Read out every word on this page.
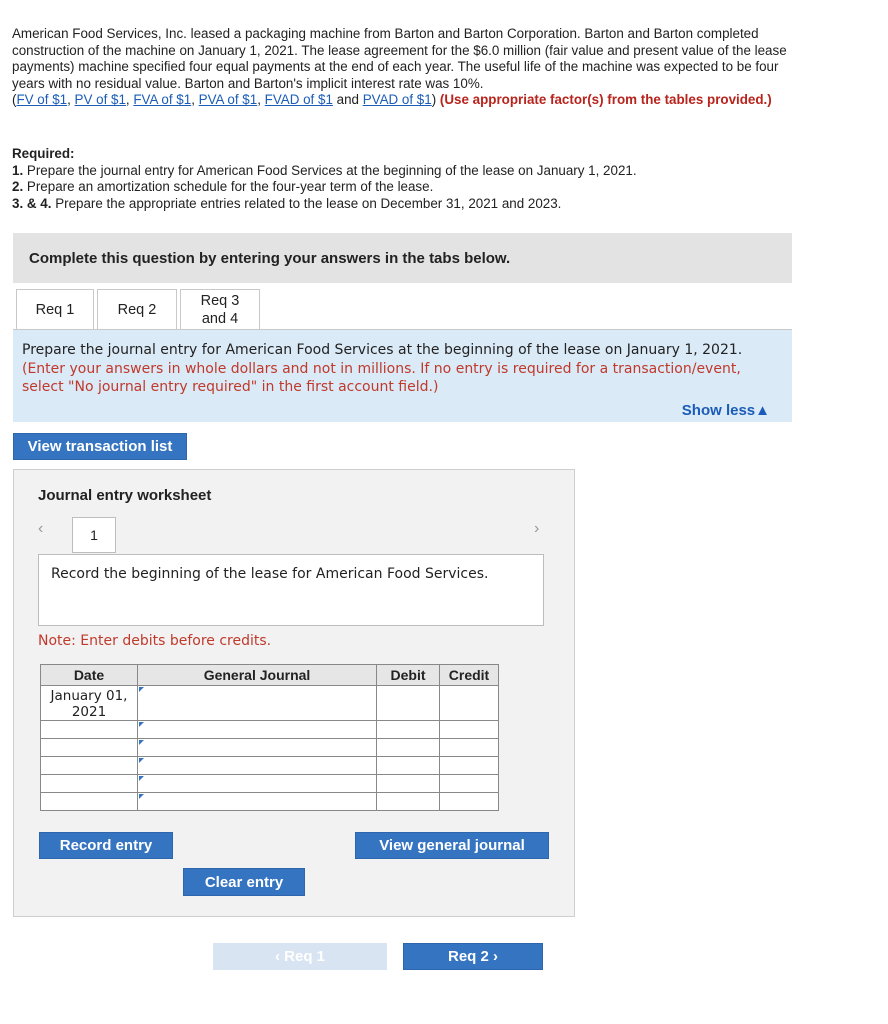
American Food Services, Inc. leased a packaging machine from Barton and Barton Corporation. Barton and Barton completed construction of the machine on January 1, 2021. The lease agreement for the $6.0 million (fair value and present value of the lease payments) machine specified four equal payments at the end of each year. The useful life of the machine was expected to be four years with no residual value. Barton and Barton's implicit interest rate was 10%.
(FV of $1, PV of $1, FVA of $1, PVA of $1, FVAD of $1 and PVAD of $1) (Use appropriate factor(s) from the tables provided.)
Required:
1. Prepare the journal entry for American Food Services at the beginning of the lease on January 1, 2021.
2. Prepare an amortization schedule for the four-year term of the lease.
3. & 4. Prepare the appropriate entries related to the lease on December 31, 2021 and 2023.
Complete this question by entering your answers in the tabs below.
Req 1	Req 2
Req 3 and 4
Prepare the journal entry for American Food Services at the beginning of the lease on January 1, 2021. (Enter your answers in whole dollars and not in millions. If no entry is required for a transaction/event, select "No journal entry required" in the first account field.)
Show less▲
View transaction list
Journal entry worksheet
‹	1	›
Record the beginning of the lease for American Food Services.
Note: Enter debits before credits.
Date	General Journal	Debit	Credit
January 01, 2021	

Record entry	View general journal
Clear entry
‹ Req 1	Req 2 ›
